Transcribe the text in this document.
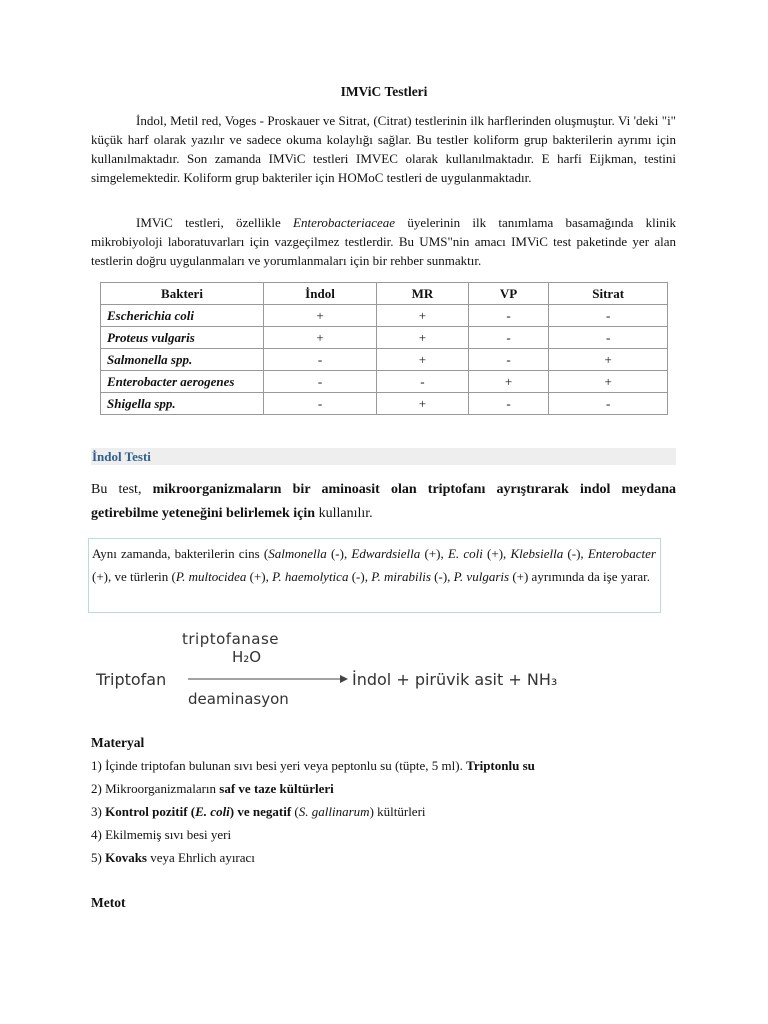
IMViC Testleri
İndol, Metil red, Voges - Proskauer ve Sitrat, (Citrat) testlerinin ilk harflerinden oluşmuştur. Vi 'deki "i" küçük harf olarak yazılır ve sadece okuma kolaylığı sağlar. Bu testler koliform grup bakterilerin ayrımı için kullanılmaktadır. Son zamanda IMViC testleri IMVEC olarak kullanılmaktadır. E harfi Eijkman, testini simgelemektedir. Koliform grup bakteriler için HOMoC testleri de uygulanmaktadır.
IMViC testleri, özellikle Enterobacteriaceae üyelerinin ilk tanımlama basamağında klinik mikrobiyoloji laboratuvarları için vazgeçilmez testlerdir. Bu UMS"nin amacı IMViC test paketinde yer alan testlerin doğru uygulanmaları ve yorumlanmaları için bir rehber sunmaktır.
Bakteri	İndol	MR	VP	Sitrat
Escherichia coli	+	+	-	-
Proteus vulgaris	+	+	-	-
Salmonella spp.	-	+	-	+
Enterobacter aerogenes	-	-	+	+
Shigella spp.	-	+	-	-
İndol Testi
Bu test, mikroorganizmaların bir aminoasit olan triptofanı ayrıştırarak indol meydana getirebilme yeteneğini belirlemek için kullanılır.
Aynı zamanda, bakterilerin cins (Salmonella (-), Edwardsiella (+), E. coli (+), Klebsiella (-), Enterobacter (+), ve türlerin (P. multocidea (+), P. haemolytica (-), P. mirabilis (-), P. vulgaris (+) ayrımında da işe yarar.
triptofanase
H₂O
Triptofan	İndol + pirüvik asit + NH₃
deaminasyon
Materyal
1) İçinde triptofan bulunan sıvı besi yeri veya peptonlu su (tüpte, 5 ml). Triptonlu su
2) Mikroorganizmaların saf ve taze kültürleri
3) Kontrol pozitif (E. coli) ve negatif (S. gallinarum) kültürleri
4) Ekilmemiş sıvı besi yeri
5) Kovaks veya Ehrlich ayıracı
Metot
